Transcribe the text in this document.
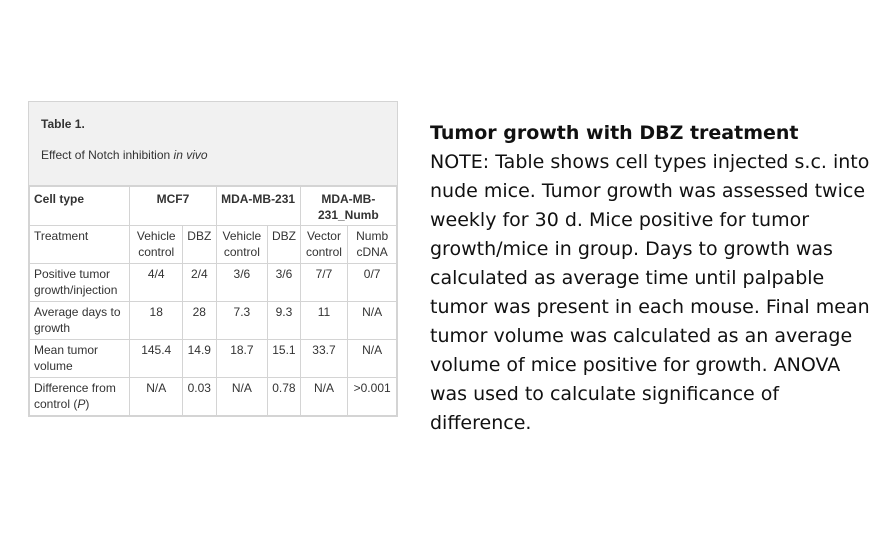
Table 1.
Effect of Notch inhibition in vivo
Cell type	MCF7		MDA-MB-231		MDA-MB-231_Numb	
Treatment	Vehicle control	DBZ	Vehicle control	DBZ	Vector control	Numb cDNA
Positive tumor growth/injection	4/4	2/4	3/6	3/6	7/7	0/7
Average days to growth	18	28	7.3	9.3	11	N/A
Mean tumor volume	145.4	14.9	18.7	15.1	33.7	N/A
Difference from control (P)	N/A	0.03	N/A	0.78	N/A	>0.001
Tumor growth with DBZ treatment
NOTE: Table shows cell types injected s.c. into nude mice. Tumor growth was assessed twice weekly for 30 d. Mice positive for tumor growth/mice in group. Days to growth was calculated as average time until palpable tumor was present in each mouse. Final mean tumor volume was calculated as an average volume of mice positive for growth. ANOVA was used to calculate significance of difference.
